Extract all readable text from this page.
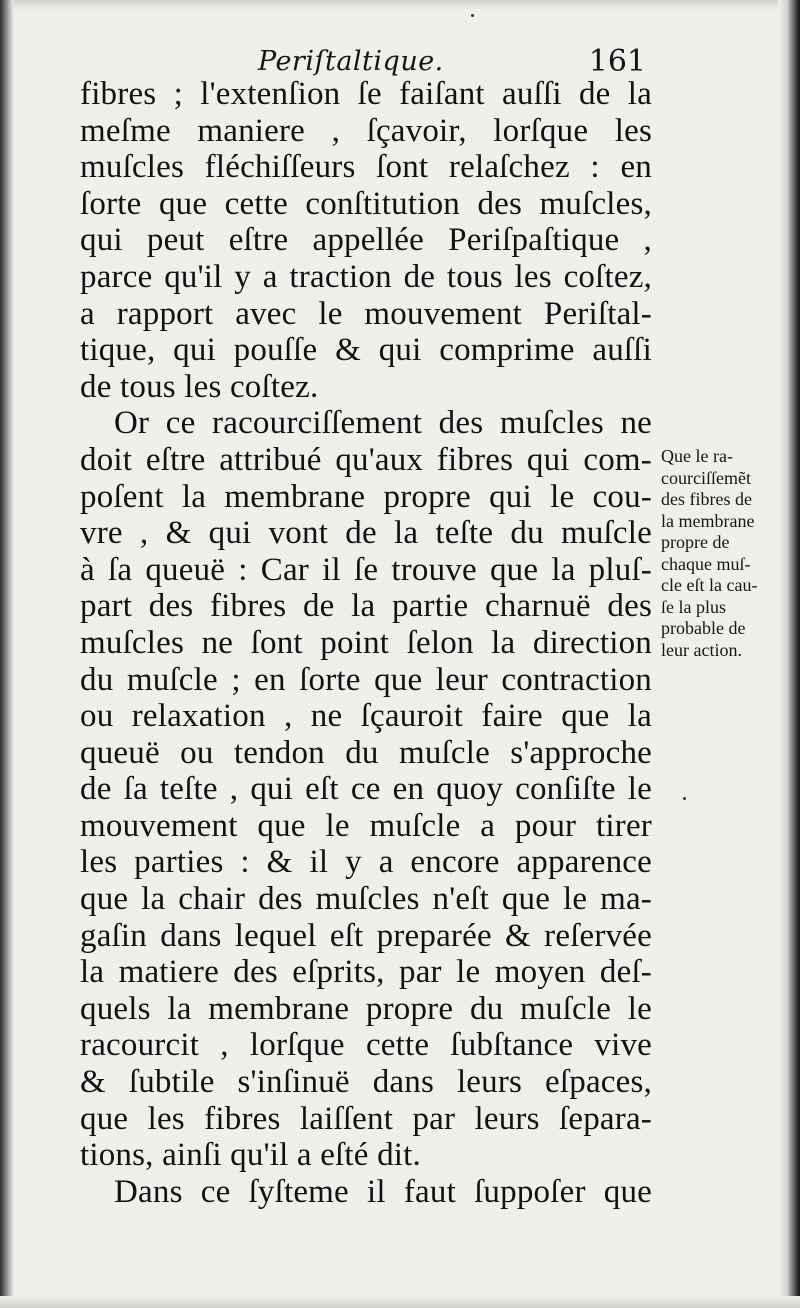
Periſtaltique.	161
fibres ; l'extenſion ſe faiſant auſſi de la
meſme maniere , ſçavoir, lorſque les
muſcles fléchiſſeurs ſont relaſchez : en
ſorte que cette conſtitution des muſcles,
qui peut eſtre appellée Periſpaſtique ,
parce qu'il y a traction de tous les coſtez,
a rapport avec le mouvement Periſtal-
tique, qui pouſſe & qui comprime auſſi
de tous les coſtez.
Or ce racourciſſement des muſcles ne
doit eſtre attribué qu'aux fibres qui com-
poſent la membrane propre qui le cou-
vre , & qui vont de la teſte du muſcle
à ſa queuë : Car il ſe trouve que la pluſ-
part des fibres de la partie charnuë des
muſcles ne ſont point ſelon la direction
du muſcle ; en ſorte que leur contraction
ou relaxation , ne ſçauroit faire que la
queuë ou tendon du muſcle s'approche
de ſa teſte , qui eſt ce en quoy conſiſte le
mouvement que le muſcle a pour tirer
les parties : & il y a encore apparence
que la chair des muſcles n'eſt que le ma-
gaſin dans lequel eſt preparée & reſervée
la matiere des eſprits, par le moyen deſ-
quels la membrane propre du muſcle le
racourcit , lorſque cette ſubſtance vive
& ſubtile s'inſinuë dans leurs eſpaces,
que les fibres laiſſent par leurs ſepara-
tions, ainſi qu'il a eſté dit.
Dans ce ſyſteme il faut ſuppoſer que
Que le ra-
courciſſemẽt
des fibres de
la membrane
propre de
chaque muſ-
cle eſt la cau-
ſe la plus
probable de
leur action.
